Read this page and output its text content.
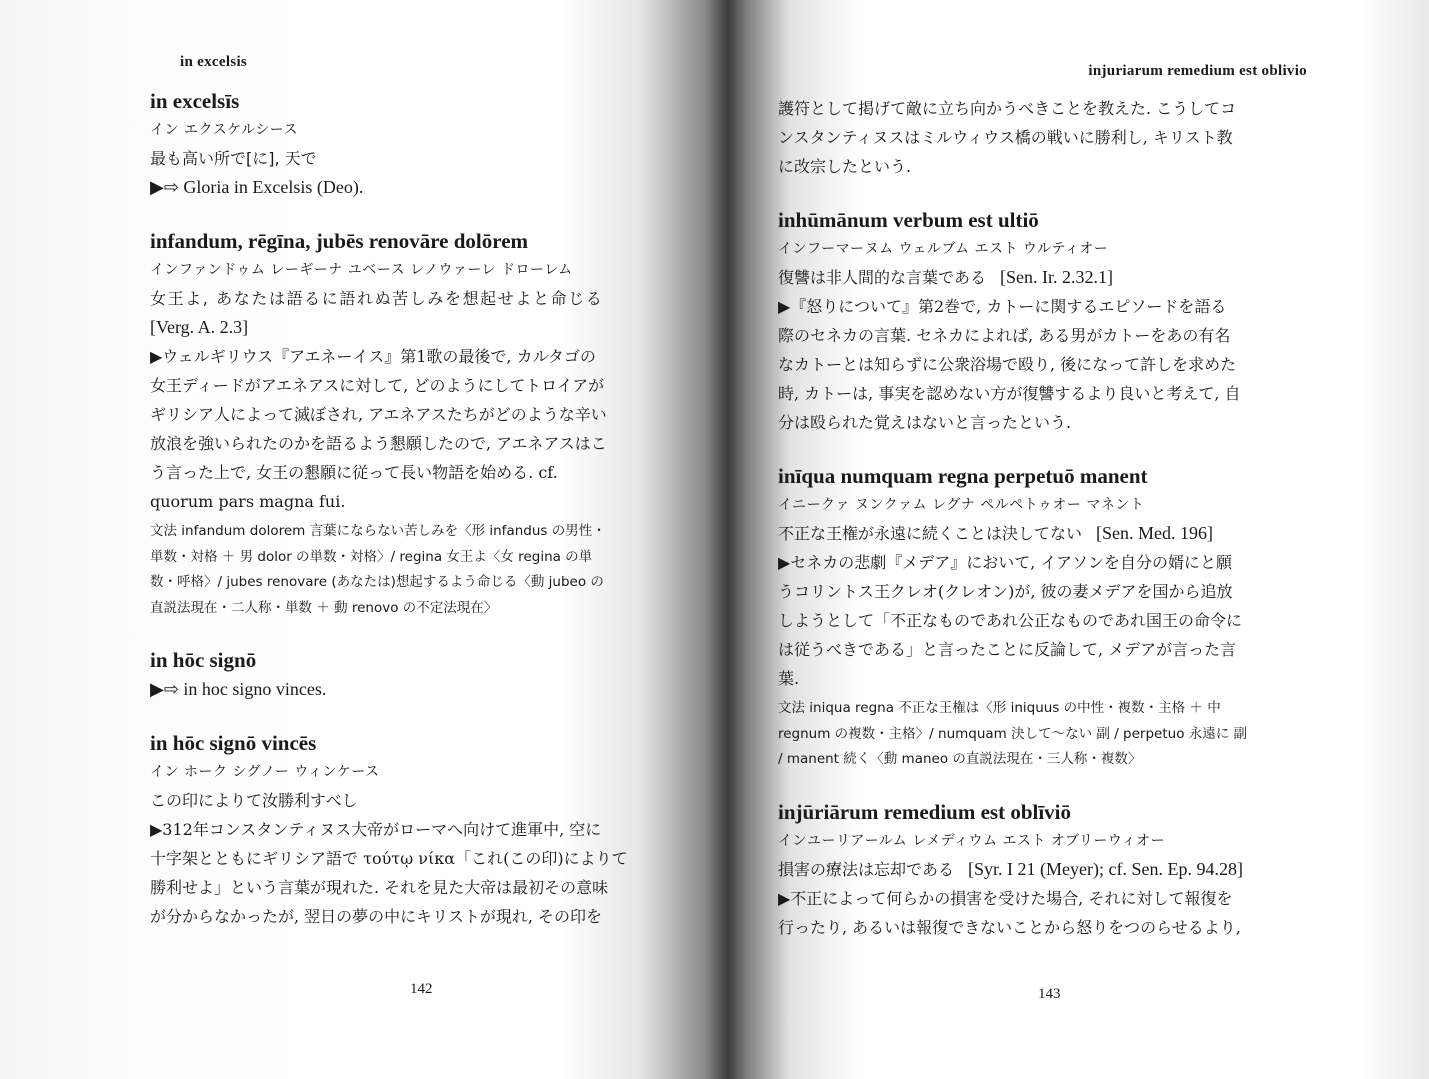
in excelsis
in excelsīs
イン エクスケルシース
最も高い所で[に], 天で
▶⇨ Gloria in Excelsis (Deo).
infandum, rēgīna, jubēs renovāre dolōrem
インファンドゥム レーギーナ ユベース レノウァーレ ドローレム
女王よ, あなたは語るに語れぬ苦しみを想起せよと命じる
[Verg. A. 2.3]
▶ウェルギリウス『アエネーイス』第1歌の最後で, カルタゴの
女王ディードがアエネアスに対して, どのようにしてトロイアが
ギリシア人によって滅ぼされ, アエネアスたちがどのような辛い
放浪を強いられたのかを語るよう懇願したので, アエネアスはこ
う言った上で, 女王の懇願に従って長い物語を始める. cf.
quorum pars magna fui.
文法 infandum dolorem 言葉にならない苦しみを〈形 infandus の男性・
単数・対格 ＋ 男 dolor の単数・対格〉/ regina 女王よ〈女 regina の単
数・呼格〉/ jubes renovare (あなたは)想起するよう命じる〈動 jubeo の
直説法現在・二人称・単数 ＋ 動 renovo の不定法現在〉
in hōc signō
▶⇨ in hoc signo vinces.
in hōc signō vincēs
イン ホーク シグノー ウィンケース
この印によりて汝勝利すべし
▶312年コンスタンティヌス大帝がローマへ向けて進軍中, 空に
十字架とともにギリシア語で τούτῳ νίκα「これ(この印)によりて
勝利せよ」という言葉が現れた. それを見た大帝は最初その意味
が分からなかったが, 翌日の夢の中にキリストが現れ, その印を
142
injuriarum remedium est oblivio
護符として掲げて敵に立ち向かうべきことを教えた. こうしてコ
ンスタンティヌスはミルウィウス橋の戦いに勝利し, キリスト教
に改宗したという.
inhūmānum verbum est ultiō
インフーマーヌム ウェルブム エスト ウルティオー
復讐は非人間的な言葉である [Sen. Ir. 2.32.1]
▶『怒りについて』第2巻で, カトーに関するエピソードを語る
際のセネカの言葉. セネカによれば, ある男がカトーをあの有名
なカトーとは知らずに公衆浴場で殴り, 後になって許しを求めた
時, カトーは, 事実を認めない方が復讐するより良いと考えて, 自
分は殴られた覚えはないと言ったという.
inīqua numquam regna perpetuō manent
イニークァ ヌンクァム レグナ ペルペトゥオー マネント
不正な王権が永遠に続くことは決してない [Sen. Med. 196]
▶セネカの悲劇『メデア』において, イアソンを自分の婿にと願
うコリントス王クレオ(クレオン)が, 彼の妻メデアを国から追放
しようとして「不正なものであれ公正なものであれ国王の命令に
は従うべきである」と言ったことに反論して, メデアが言った言
葉.
文法 iniqua regna 不正な王権は〈形 iniquus の中性・複数・主格 ＋ 中
regnum の複数・主格〉/ numquam 決して～ない 副 / perpetuo 永遠に 副
/ manent 続く〈動 maneo の直説法現在・三人称・複数〉
injūriārum remedium est oblīviō
インユーリアールム レメディウム エスト オブリーウィオー
損害の療法は忘却である [Syr. I 21 (Meyer); cf. Sen. Ep. 94.28]
▶不正によって何らかの損害を受けた場合, それに対して報復を
行ったり, あるいは報復できないことから怒りをつのらせるより,
143
